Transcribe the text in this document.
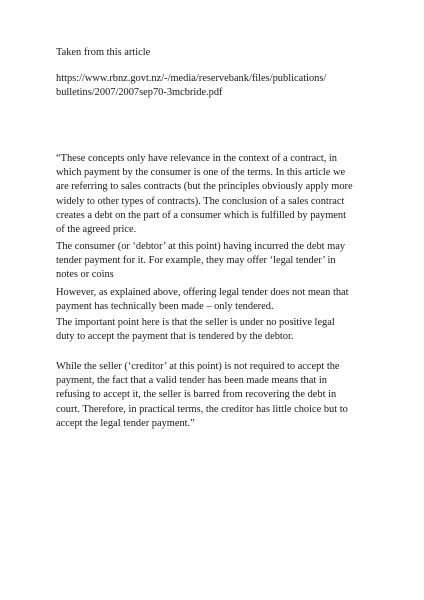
Taken from this article

https://www.rbnz.govt.nz/-/media/reservebank/files/publications/
bulletins/2007/2007sep70-3mcbride.pdf

“These concepts only have relevance in the context of a contract, in
which payment by the consumer is one of the terms. In this article we
are referring to sales contracts (but the principles obviously apply more
widely to other types of contracts). The conclusion of a sales contract
creates a debt on the part of a consumer which is fulfilled by payment
of the agreed price.

The consumer (or ‘debtor’ at this point) having incurred the debt may
tender payment for it. For example, they may offer ‘legal tender’ in
notes or coins

However, as explained above, offering legal tender does not mean that
payment has technically been made – only tendered.

The important point here is that the seller is under no positive legal
duty to accept the payment that is tendered by the debtor.

While the seller (‘creditor’ at this point) is not required to accept the
payment, the fact that a valid tender has been made means that in
refusing to accept it, the seller is barred from recovering the debt in
court. Therefore, in practical terms, the creditor has little choice but to
accept the legal tender payment.”
